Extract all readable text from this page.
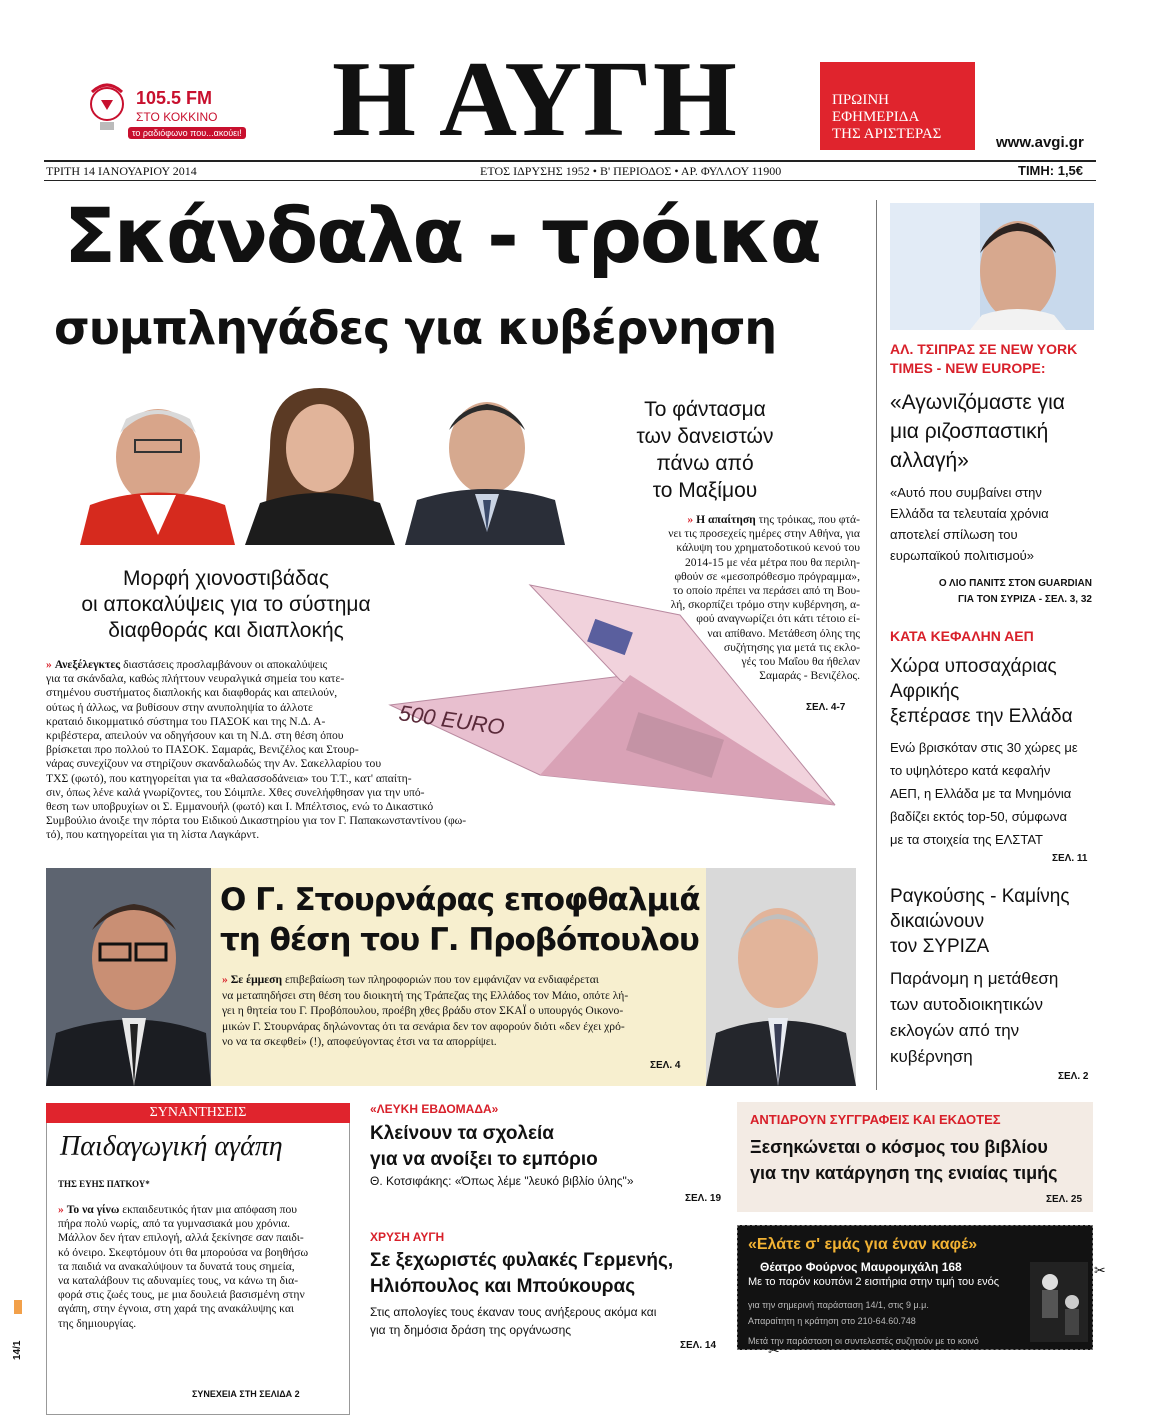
105.5 FM
ΣΤΟ ΚΟΚΚΙΝΟ
το ραδιόφωνο που...ακούει! Η ΑΥΓΗ	ΠΡΩΙΝΗ
ΕΦΗΜΕΡΙΔΑ
ΤΗΣ ΑΡΙΣΤΕΡΑΣ	www.avgi.gr
ΤΡΙΤΗ 14 ΙΑΝΟΥΑΡΙΟΥ 2014	ΕΤΟΣ ΙΔΡΥΣΗΣ 1952 • Β' ΠΕΡΙΟΔΟΣ • ΑΡ. ΦΥΛΛΟΥ 11900	ΤΙΜΗ: 1,5€
Σκάνδαλα - τρόικα
συμπληγάδες για κυβέρνηση
Μορφή χιονοστιβάδας
οι αποκαλύψεις για το σύστημα
διαφθοράς και διαπλοκής
» Ανεξέλεγκτες διαστάσεις προσλαμβάνουν οι αποκαλύψεις
για τα σκάνδαλα, καθώς πλήττουν νευραλγικά σημεία του κατε-
στημένου συστήματος διαπλοκής και διαφθοράς και απειλούν,
ούτως ή άλλως, να βυθίσουν στην ανυποληψία το άλλοτε
κραταιό δικομματικό σύστημα του ΠΑΣΟΚ και της Ν.Δ. Α-
κριβέστερα, απειλούν να οδηγήσουν και τη Ν.Δ. στη θέση όπου
βρίσκεται προ πολλού το ΠΑΣΟΚ. Σαμαράς, Βενιζέλος και Στουρ-
νάρας συνεχίζουν να στηρίζουν σκανδαλωδώς την Αν. Σακελλαρίου του
ΤΧΣ (φωτό), που κατηγορείται για τα «θαλασσοδάνεια» του Τ.Τ., κατ' απαίτη-
σιν, όπως λένε καλά γνωρίζοντες, του Σόιμπλε. Χθες συνελήφθησαν για την υπό-
θεση των υποβρυχίων οι Σ. Εμμανουήλ (φωτό) και Ι. Μπέλτσιος, ενώ το Δικαστικό
Συμβούλιο άνοιξε την πόρτα του Ειδικού Δικαστηρίου για τον Γ. Παπακωνσταντίνου (φω-
τό), που κατηγορείται για τη λίστα Λαγκάρντ.
500 EURO
Το φάντασμα
των δανειστών
πάνω από
το Μαξίμου
» Η απαίτηση της τρόικας, που φτά-
νει τις προσεχείς ημέρες στην Αθήνα, για
κάλυψη του χρηματοδοτικού κενού του
2014-15 με νέα μέτρα που θα περιλη-
φθούν σε «μεσοπρόθεσμο πρόγραμμα»,
το οποίο πρέπει να περάσει από τη Βου-
λή, σκορπίζει τρόμο στην κυβέρνηση, α-
φού αναγνωρίζει ότι κάτι τέτοιο εί-
ναι απίθανο. Μετάθεση όλης της
συζήτησης για μετά τις εκλο-
γές του Μαΐου θα ήθελαν
Σαμαράς - Βενιζέλος.
ΣΕΛ. 4-7
Ο Γ. Στουρνάρας εποφθαλμιά
τη θέση του Γ. Προβόπουλου
» Σε έμμεση επιβεβαίωση των πληροφοριών που τον εμφάνιζαν να ενδιαφέρεται
να μεταπηδήσει στη θέση του διοικητή της Τράπεζας της Ελλάδος τον Μάιο, οπότε λή-
γει η θητεία του Γ. Προβόπουλου, προέβη χθες βράδυ στον ΣΚΑΪ ο υπουργός Οικονο-
μικών Γ. Στουρνάρας δηλώνοντας ότι τα σενάρια δεν τον αφορούν διότι «δεν έχει χρό-
νο να τα σκεφθεί» (!), αποφεύγοντας έτσι να τα απορρίψει.
ΣΕΛ. 4
ΑΛ. ΤΣΙΠΡΑΣ ΣΕ NEW YORK
TIMES - NEW EUROPE:
«Αγωνιζόμαστε για
μια ριζοσπαστική
αλλαγή»
«Αυτό που συμβαίνει στην
Ελλάδα τα τελευταία χρόνια
αποτελεί σπίλωση του
ευρωπαϊκού πολιτισμού»
Ο ΛΙΟ ΠΑΝΙΤΣ ΣΤΟΝ GUARDIAN
ΓΙΑ ΤΟΝ ΣΥΡΙΖΑ - ΣΕΛ. 3, 32
ΚΑΤΑ ΚΕΦΑΛΗΝ ΑΕΠ
Χώρα υποσαχάριας
Αφρικής
ξεπέρασε την Ελλάδα
Ενώ βρισκόταν στις 30 χώρες με
το υψηλότερο κατά κεφαλήν
ΑΕΠ, η Ελλάδα με τα Μνημόνια
βαδίζει εκτός top-50, σύμφωνα
με τα στοιχεία της ΕΛΣΤΑΤ
ΣΕΛ. 11
Ραγκούσης - Καμίνης
δικαιώνουν
τον ΣΥΡΙΖΑ
Παράνομη η μετάθεση
των αυτοδιοικητικών
εκλογών από την
κυβέρνηση
ΣΕΛ. 2
ΣΥΝΑΝΤΗΣΕΙΣ
Παιδαγωγική αγάπη
ΤΗΣ ΕΥΗΣ ΠΑΤΚΟΥ*
» Το να γίνω εκπαιδευτικός ήταν μια απόφαση που
πήρα πολύ νωρίς, από τα γυμνασιακά μου χρόνια.
Μάλλον δεν ήταν επιλογή, αλλά ξεκίνησε σαν παιδι-
κό όνειρο. Σκεφτόμουν ότι θα μπορούσα να βοηθήσω
τα παιδιά να ανακαλύψουν τα δυνατά τους σημεία,
να καταλάβουν τις αδυναμίες τους, να κάνω τη δια-
φορά στις ζωές τους, με μια δουλειά βασισμένη στην
αγάπη, στην έγνοια, στη χαρά της ανακάλυψης και
της δημιουργίας.
ΣΥΝΕΧΕΙΑ ΣΤΗ ΣΕΛΙΔΑ 2
14/1
«ΛΕΥΚΗ ΕΒΔΟΜΑΔΑ»
Κλείνουν τα σχολεία
για να ανοίξει το εμπόριο
Θ. Κοτσιφάκης: «Όπως λέμε "λευκό βιβλίο ύλης"»
ΣΕΛ. 19
ΧΡΥΣΗ ΑΥΓΗ
Σε ξεχωριστές φυλακές Γερμενής,
Ηλιόπουλος και Μπούκουρας
Στις απολογίες τους έκαναν τους ανήξερους ακόμα και
για τη δημόσια δράση της οργάνωσης
ΣΕΛ. 14
ΑΝΤΙΔΡΟΥΝ ΣΥΓΓΡΑΦΕΙΣ ΚΑΙ ΕΚΔΟΤΕΣ
Ξεσηκώνεται ο κόσμος του βιβλίου
για την κατάργηση της ενιαίας τιμής
ΣΕΛ. 25
«Ελάτε σ' εμάς για έναν καφέ»
Θέατρο Φούρνος Μαυρομιχάλη 168
Με το παρόν κουπόνι 2 εισιτήρια στην τιμή του ενός
για την σημερινή παράσταση 14/1, στις 9 μ.μ.
Απαραίτητη η κράτηση στο 210-64.60.748
Μετά την παράσταση οι συντελεστές συζητούν με το κοινό
✂
✂
